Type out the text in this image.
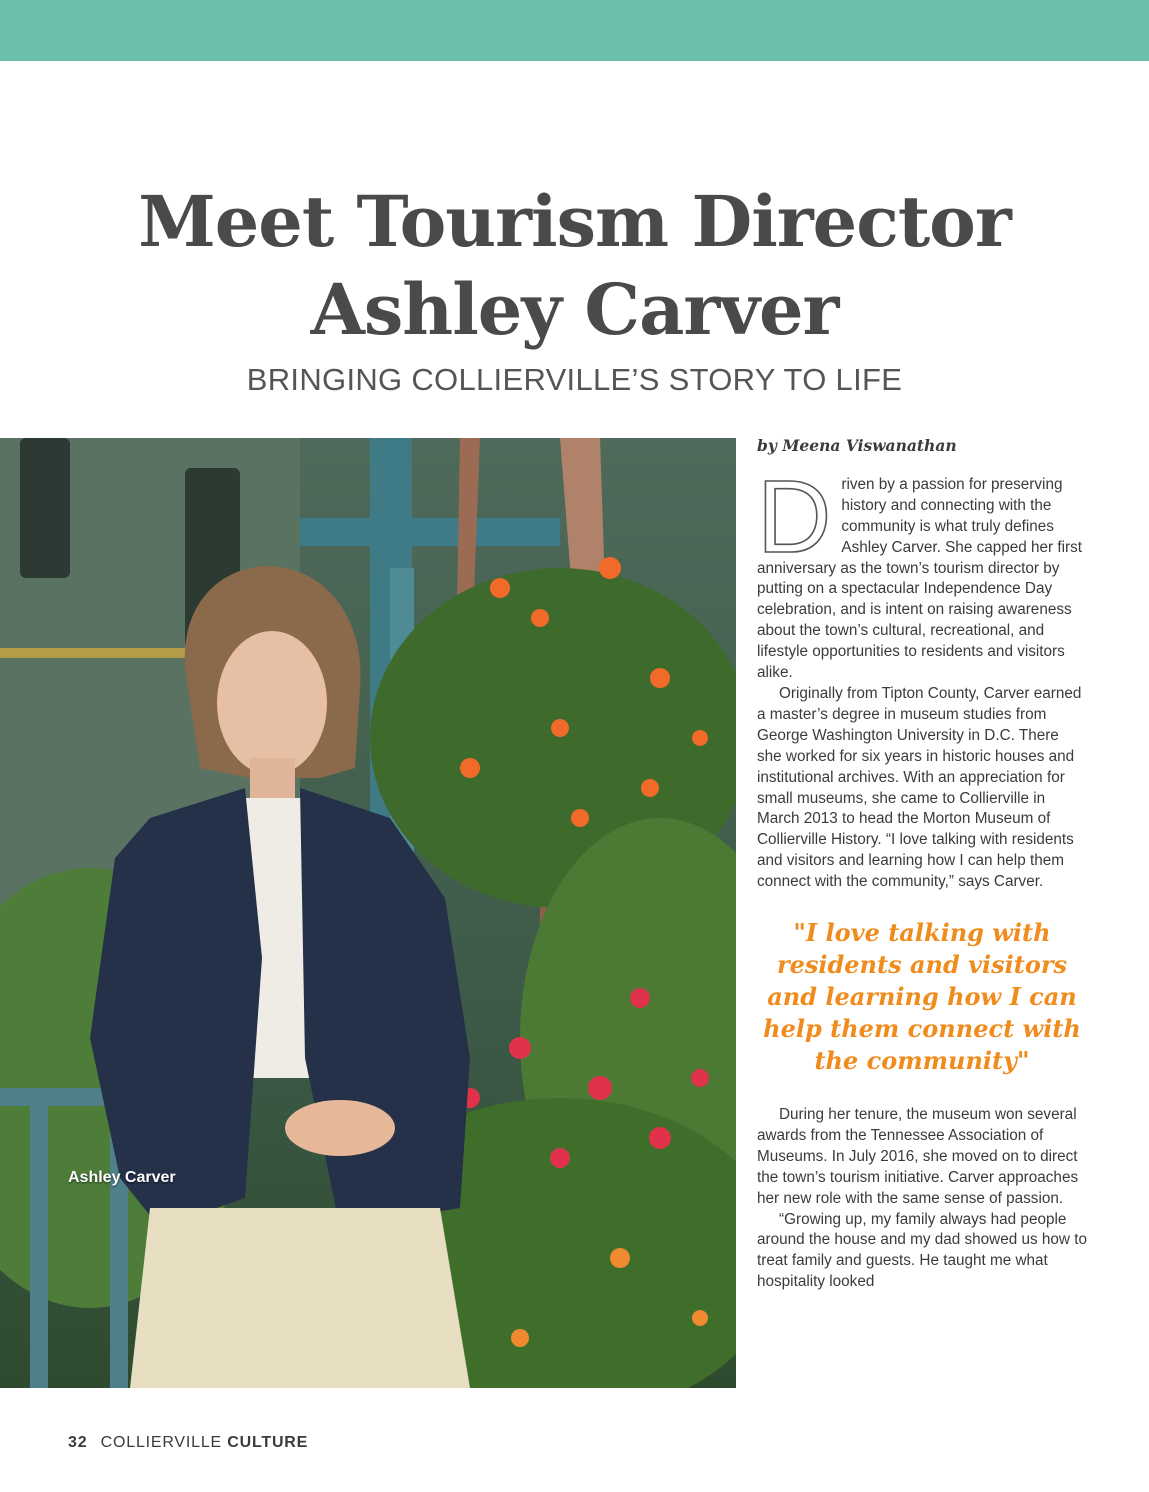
Meet Tourism Director
Ashley Carver
BRINGING COLLIERVILLE’S STORY TO LIFE
Ashley Carver
by Meena Viswanathan

Driven by a passion for preserving history and connecting with the community is what truly defines Ashley Carver. She capped her first anniversary as the town’s tourism director by putting on a spectacular Independence Day celebration, and is intent on raising awareness about the town’s cultural, recreational, and lifestyle opportunities to residents and visitors alike.

Originally from Tipton County, Carver earned a master’s degree in museum studies from George Washington University in D.C. There she worked for six years in historic houses and institutional archives. With an appreciation for small museums, she came to Collierville in March 2013 to head the Morton Museum of Collierville History. “I love talking with residents and visitors and learning how I can help them connect with the community,” says Carver.

"I love talking with residents and visitors and learning how I can help them connect with the community"

During her tenure, the museum won several awards from the Tennessee Association of Museums. In July 2016, she moved on to direct the town’s tourism initiative. Carver approaches her new role with the same sense of passion.

“Growing up, my family always had people around the house and my dad showed us how to treat family and guests. He taught me what hospitality looked

32 COLLIERVILLE CULTURE
